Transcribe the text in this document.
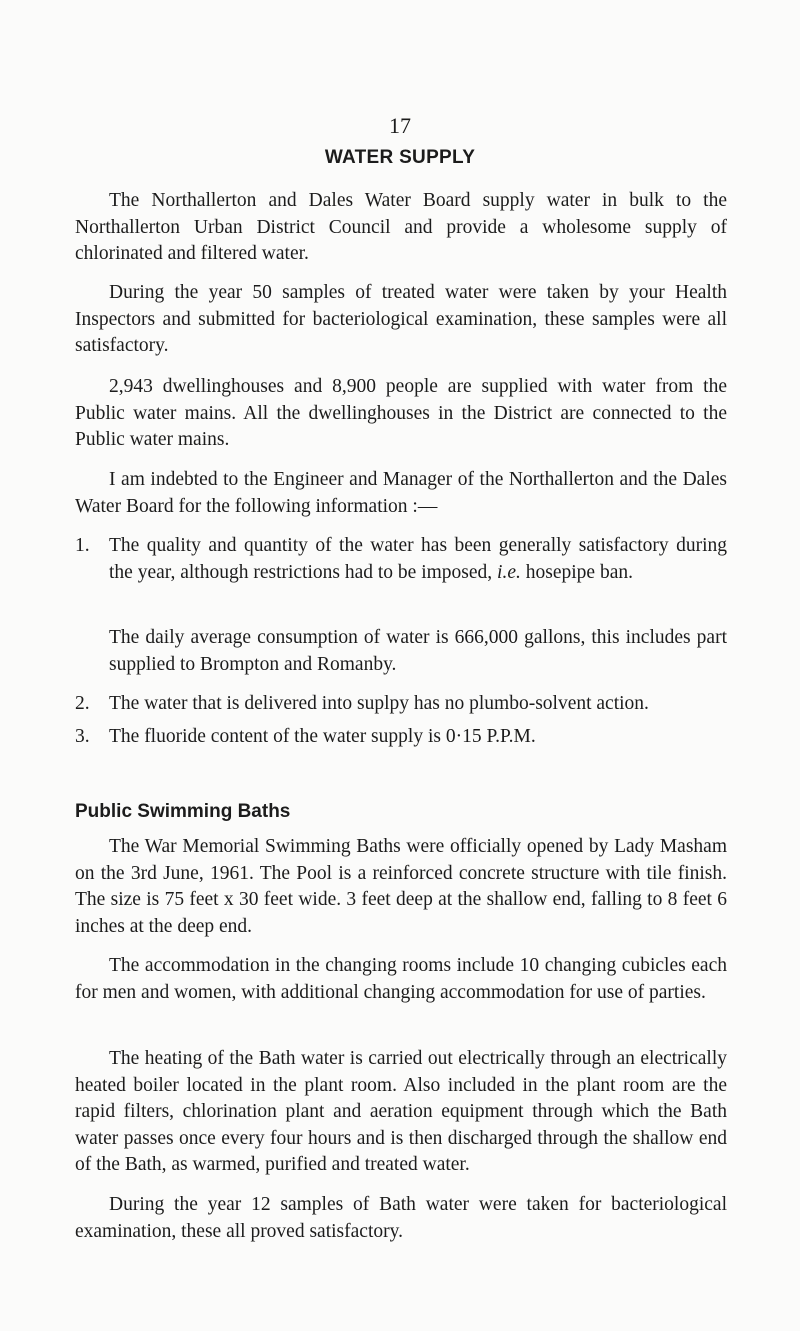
17
WATER SUPPLY

The Northallerton and Dales Water Board supply water in bulk to the Northallerton Urban District Council and provide a wholesome supply of chlorinated and filtered water.

During the year 50 samples of treated water were taken by your Health Inspectors and submitted for bacteriological examination, these samples were all satisfactory.

2,943 dwellinghouses and 8,900 people are supplied with water from the Public water mains. All the dwellinghouses in the District are connected to the Public water mains.

I am indebted to the Engineer and Manager of the Northallerton and the Dales Water Board for the following information :—

1. The quality and quantity of the water has been generally satisfactory during the year, although restrictions had to be imposed, i.e. hosepipe ban.

The daily average consumption of water is 666,000 gallons, this includes part supplied to Brompton and Romanby.

2. The water that is delivered into suplpy has no plumbo-solvent action.
3. The fluoride content of the water supply is 0·15 P.P.M.
Public Swimming Baths

The War Memorial Swimming Baths were officially opened by Lady Masham on the 3rd June, 1961. The Pool is a reinforced concrete structure with tile finish. The size is 75 feet x 30 feet wide. 3 feet deep at the shallow end, falling to 8 feet 6 inches at the deep end.

The accommodation in the changing rooms include 10 changing cubicles each for men and women, with additional changing accommodation for use of parties.

The heating of the Bath water is carried out electrically through an electrically heated boiler located in the plant room. Also included in the plant room are the rapid filters, chlorination plant and aeration equipment through which the Bath water passes once every four hours and is then discharged through the shallow end of the Bath, as warmed, purified and treated water.

During the year 12 samples of Bath water were taken for bacteriological examination, these all proved satisfactory.
